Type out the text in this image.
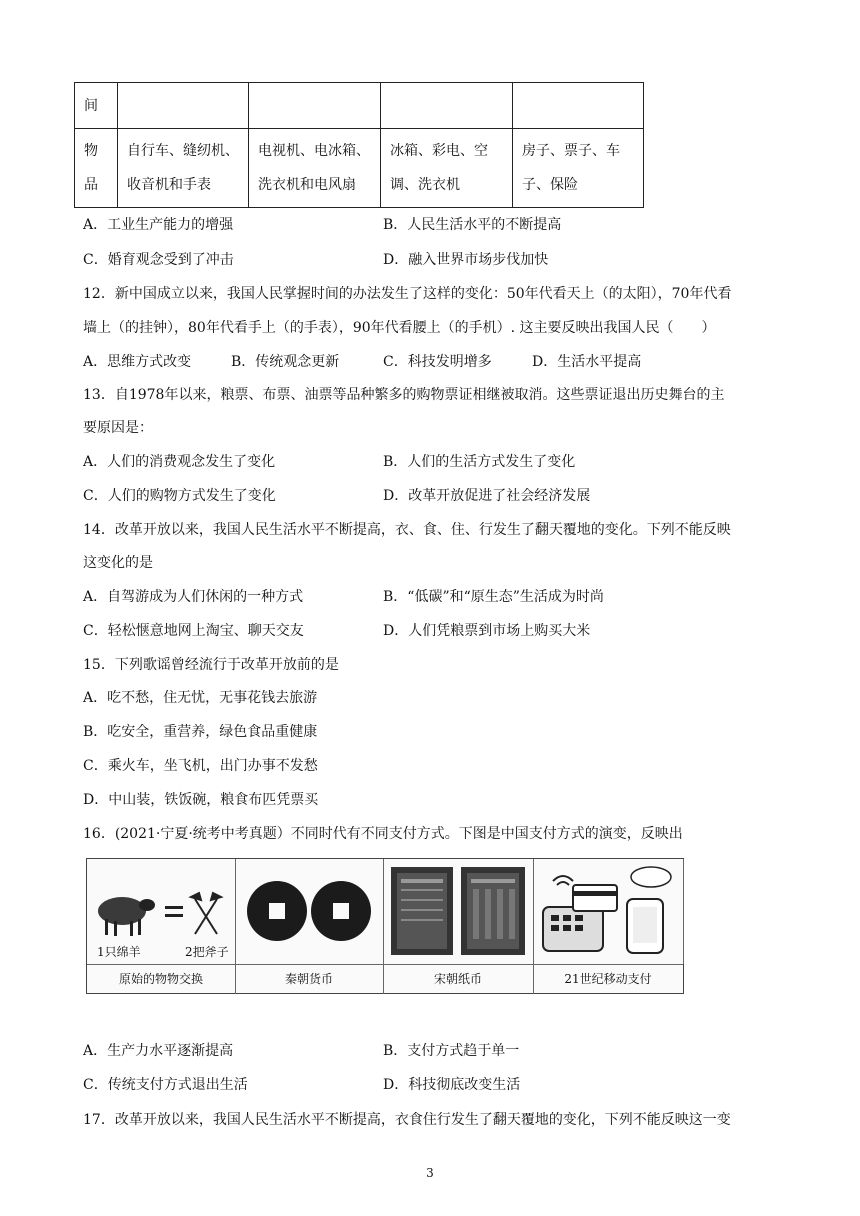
间				
物品	自行车、缝纫机、收音机和手表	电视机、电冰箱、洗衣机和电风扇	冰箱、彩电、空调、洗衣机	房子、票子、车子、保险
A．工业生产能力的增强	B．人民生活水平的不断提高
C．婚育观念受到了冲击	D．融入世界市场步伐加快
12．新中国成立以来，我国人民掌握时间的办法发生了这样的变化：50年代看天上（的太阳），70年代看
墙上（的挂钟），80年代看手上（的手表），90年代看腰上（的手机）. 这主要反映出我国人民（　　）
A．思维方式改变	B．传统观念更新	C．科技发明增多	D．生活水平提高
13．自1978年以来，粮票、布票、油票等品种繁多的购物票证相继被取消。这些票证退出历史舞台的主
要原因是：
A．人们的消费观念发生了变化	B．人们的生活方式发生了变化
C．人们的购物方式发生了变化	D．改革开放促进了社会经济发展
14．改革开放以来，我国人民生活水平不断提高，衣、食、住、行发生了翻天覆地的变化。下列不能反映
这变化的是
A．自驾游成为人们休闲的一种方式	B．“低碳”和“原生态”生活成为时尚
C．轻松惬意地网上淘宝、聊天交友	D．人们凭粮票到市场上购买大米
15．下列歌谣曾经流行于改革开放前的是
A．吃不愁，住无忧，无事花钱去旅游
B．吃安全，重营养，绿色食品重健康
C．乘火车，坐飞机，出门办事不发愁
D．中山装，铁饭碗，粮食布匹凭票买
16．(2021·宁夏·统考中考真题）不同时代有不同支付方式。下图是中国支付方式的演变，反映出
1只绵羊	2把斧子
原始的物物交换	秦朝货币	宋朝纸币	21世纪移动支付
A．生产力水平逐渐提高	B．支付方式趋于单一
C．传统支付方式退出生活	D．科技彻底改变生活
17．改革开放以来，我国人民生活水平不断提高，衣食住行发生了翻天覆地的变化，下列不能反映这一变
3
